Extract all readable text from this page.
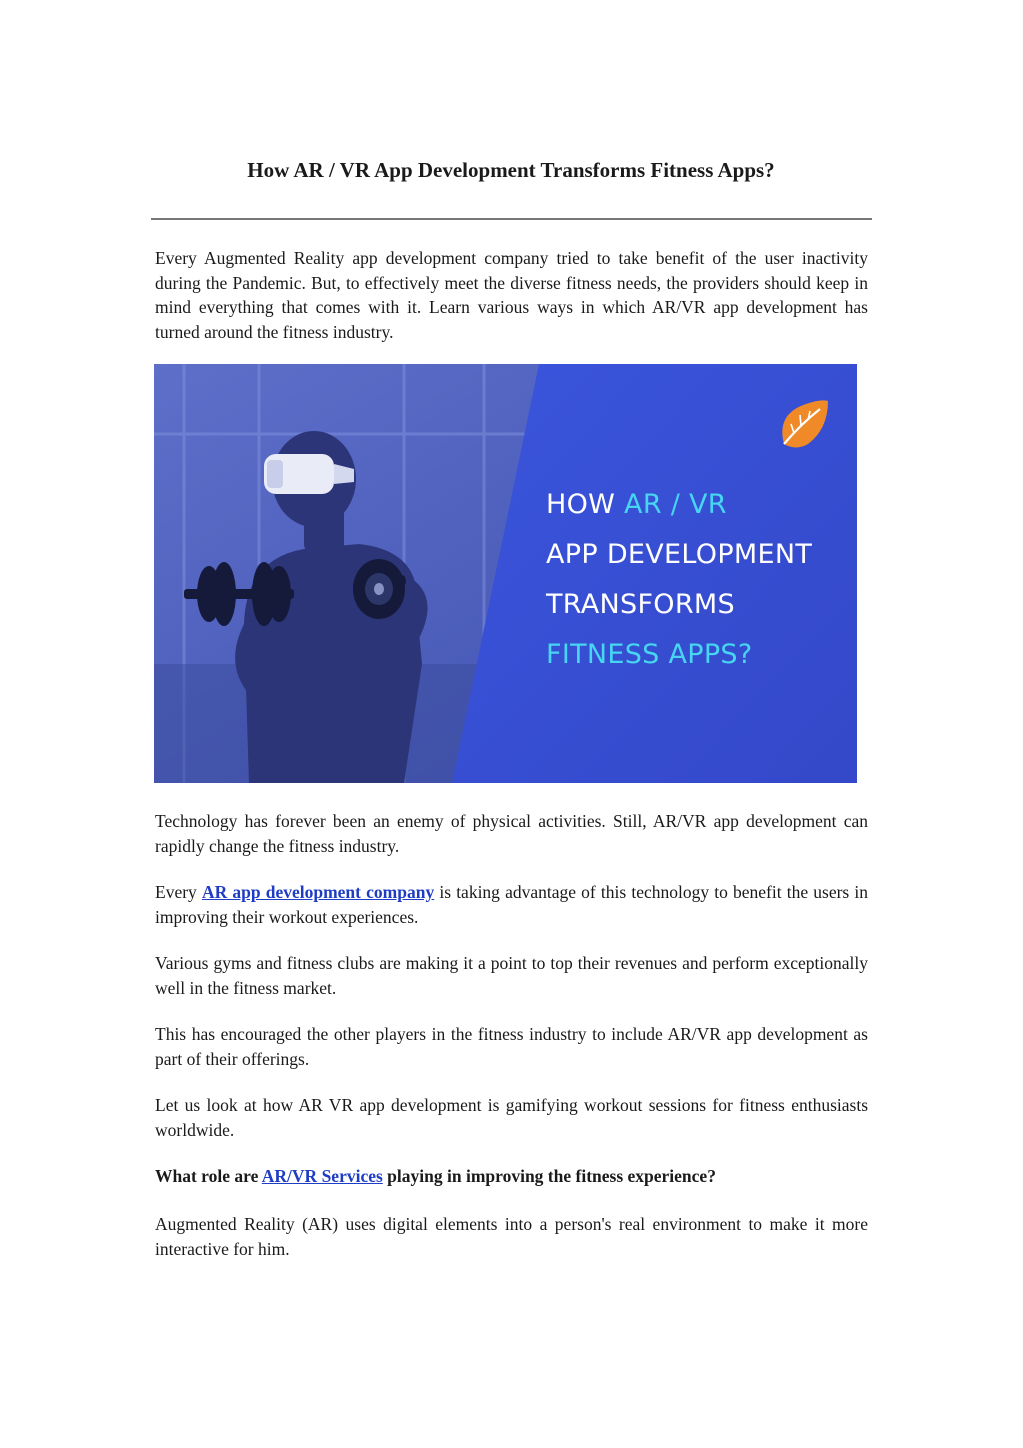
How AR / VR App Development Transforms Fitness Apps?

Every Augmented Reality app development company tried to take benefit of the user inactivity during the Pandemic. But, to effectively meet the diverse fitness needs, the providers should keep in mind everything that comes with it. Learn various ways in which AR/VR app development has turned around the fitness industry.

HOW AR / VR
APP DEVELOPMENT
TRANSFORMS
FITNESS APPS?

Technology has forever been an enemy of physical activities. Still, AR/VR app development can rapidly change the fitness industry.

Every AR app development company is taking advantage of this technology to benefit the users in improving their workout experiences.

Various gyms and fitness clubs are making it a point to top their revenues and perform exceptionally well in the fitness market.

This has encouraged the other players in the fitness industry to include AR/VR app development as part of their offerings.

Let us look at how AR VR app development is gamifying workout sessions for fitness enthusiasts worldwide.

What role are AR/VR Services playing in improving the fitness experience?

Augmented Reality (AR) uses digital elements into a person's real environment to make it more interactive for him.
